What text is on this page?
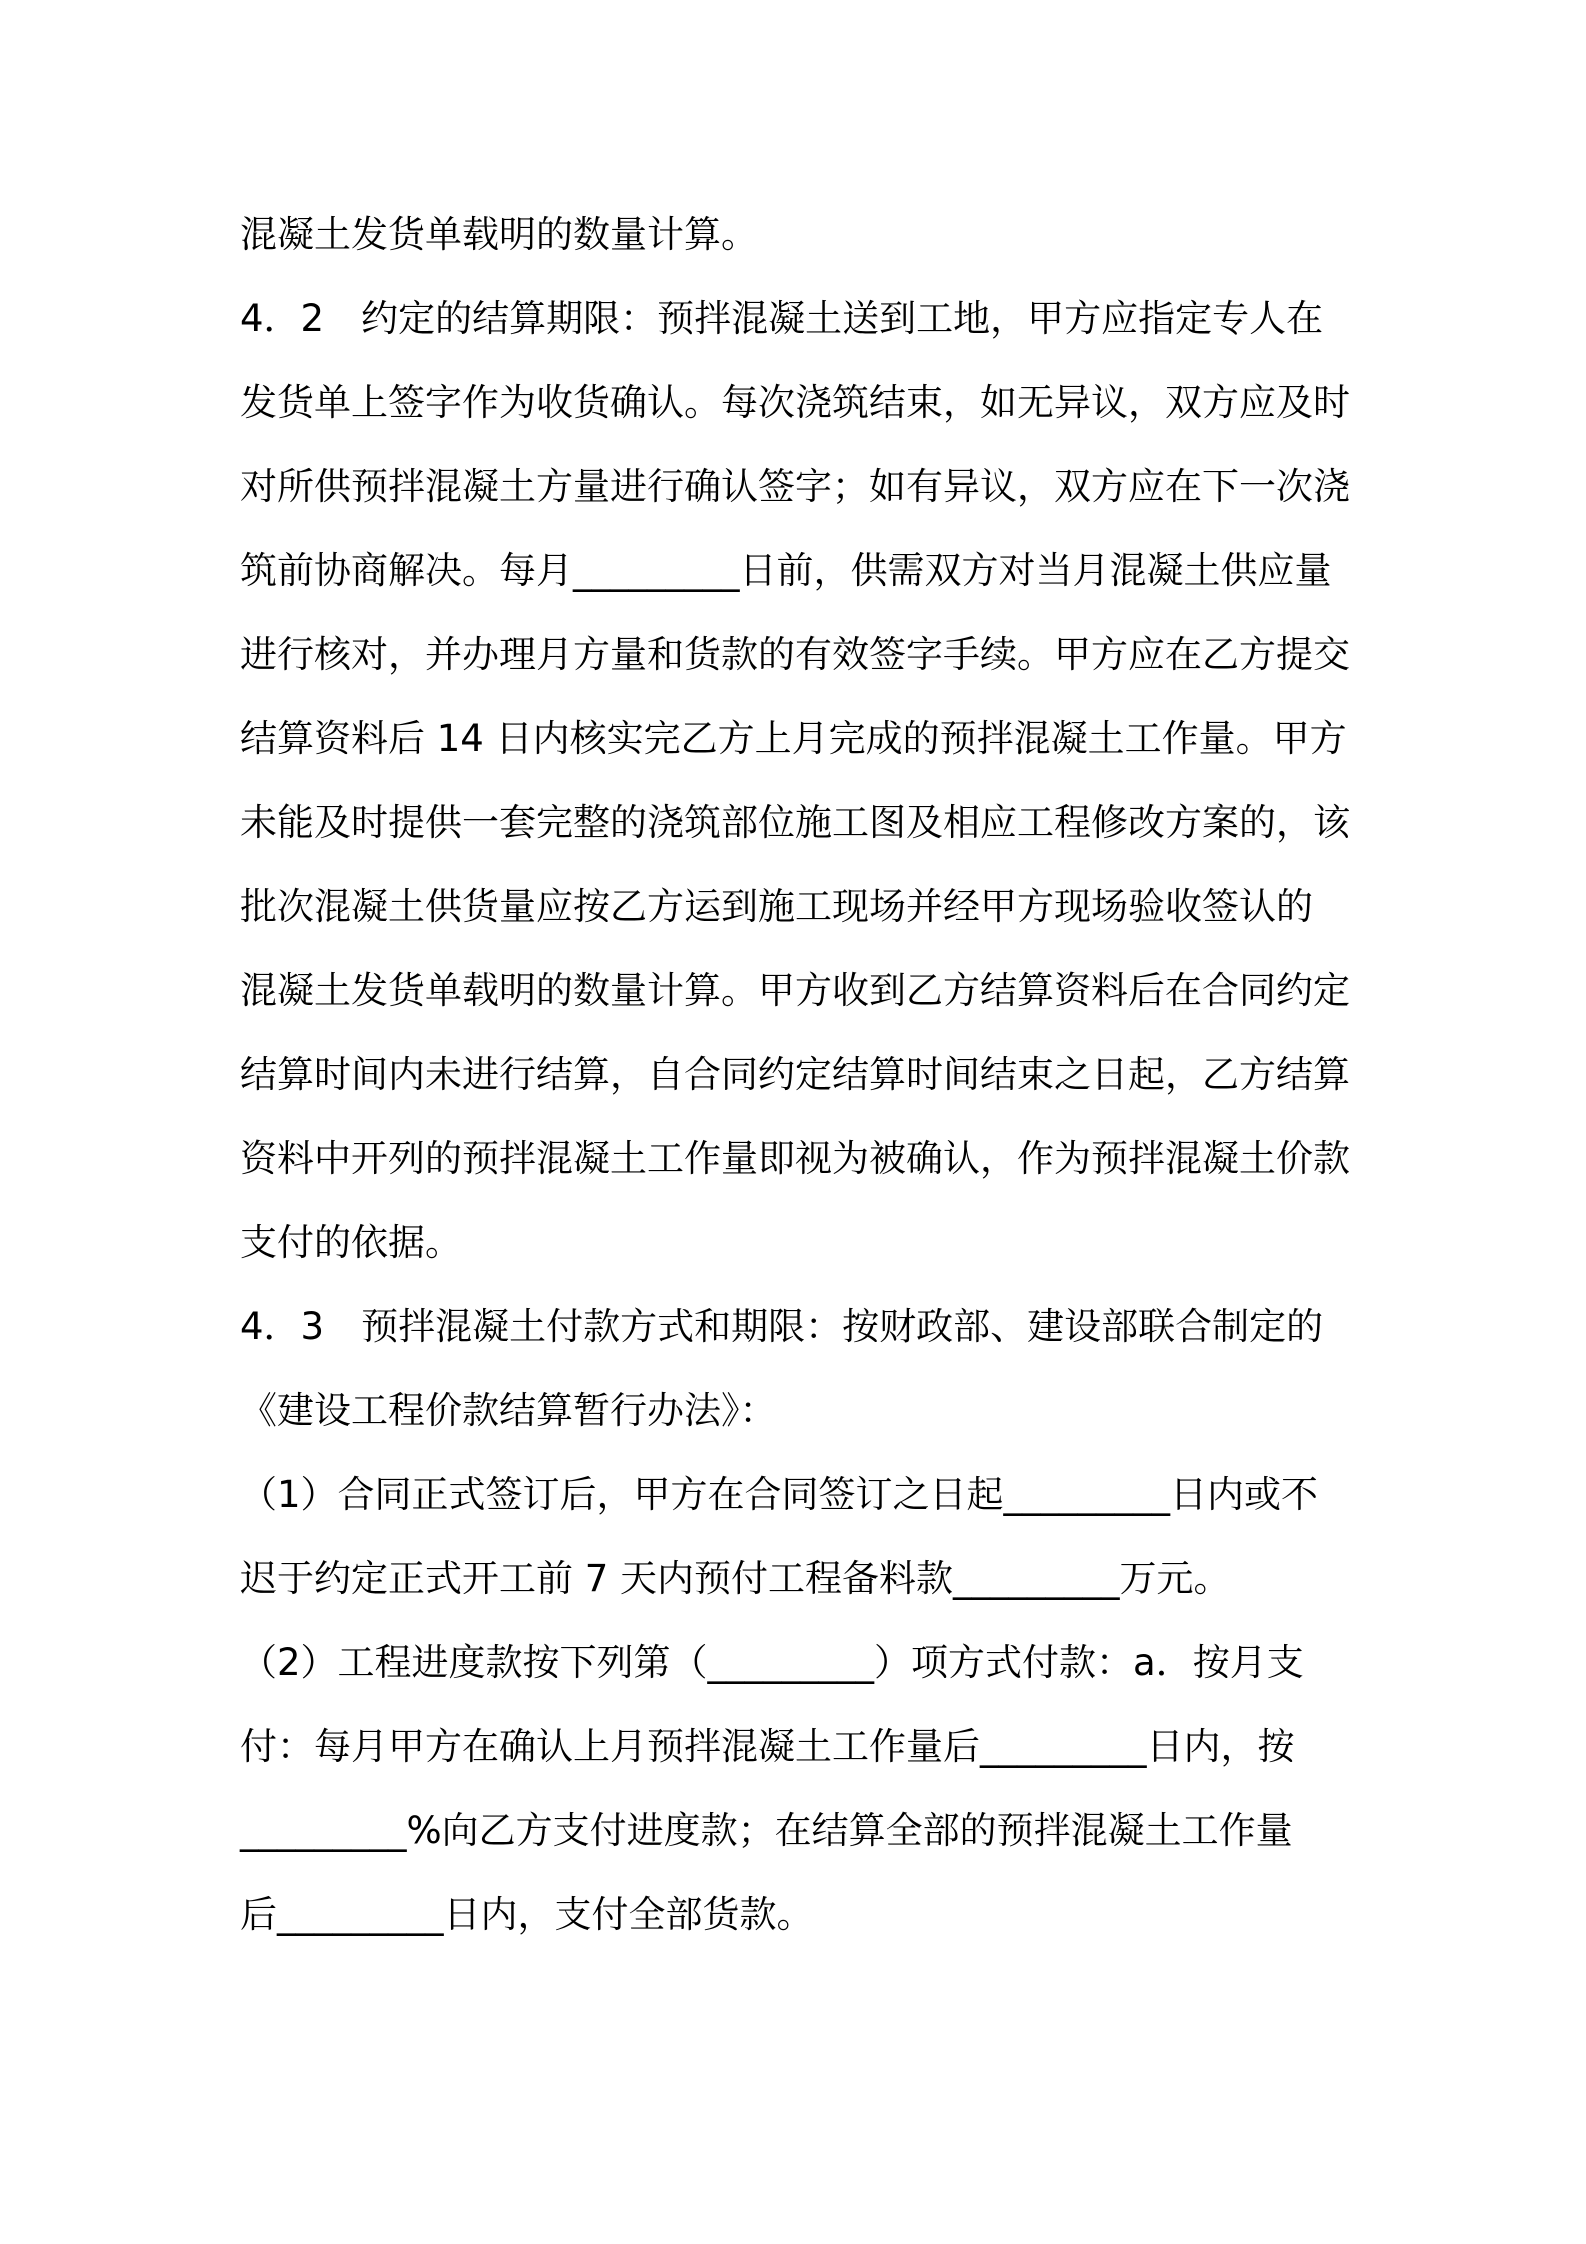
混凝土发货单载明的数量计算。
4．2　约定的结算期限：预拌混凝土送到工地，甲方应指定专人在
发货单上签字作为收货确认。每次浇筑结束，如无异议，双方应及时
对所供预拌混凝土方量进行确认签字；如有异议，双方应在下一次浇
筑前协商解决。每月_________日前，供需双方对当月混凝土供应量
进行核对，并办理月方量和货款的有效签字手续。甲方应在乙方提交
结算资料后 14 日内核实完乙方上月完成的预拌混凝土工作量。甲方
未能及时提供一套完整的浇筑部位施工图及相应工程修改方案的，该
批次混凝土供货量应按乙方运到施工现场并经甲方现场验收签认的
混凝土发货单载明的数量计算。甲方收到乙方结算资料后在合同约定
结算时间内未进行结算，自合同约定结算时间结束之日起，乙方结算
资料中开列的预拌混凝土工作量即视为被确认，作为预拌混凝土价款
支付的依据。
4．3　预拌混凝土付款方式和期限：按财政部、建设部联合制定的
《建设工程价款结算暂行办法》：
（1）合同正式签订后，甲方在合同签订之日起_________日内或不
迟于约定正式开工前 7 天内预付工程备料款_________万元。
（2）工程进度款按下列第（_________）项方式付款：a．按月支
付：每月甲方在确认上月预拌混凝土工作量后_________日内，按
_________%向乙方支付进度款；在结算全部的预拌混凝土工作量
后_________日内，支付全部货款。
